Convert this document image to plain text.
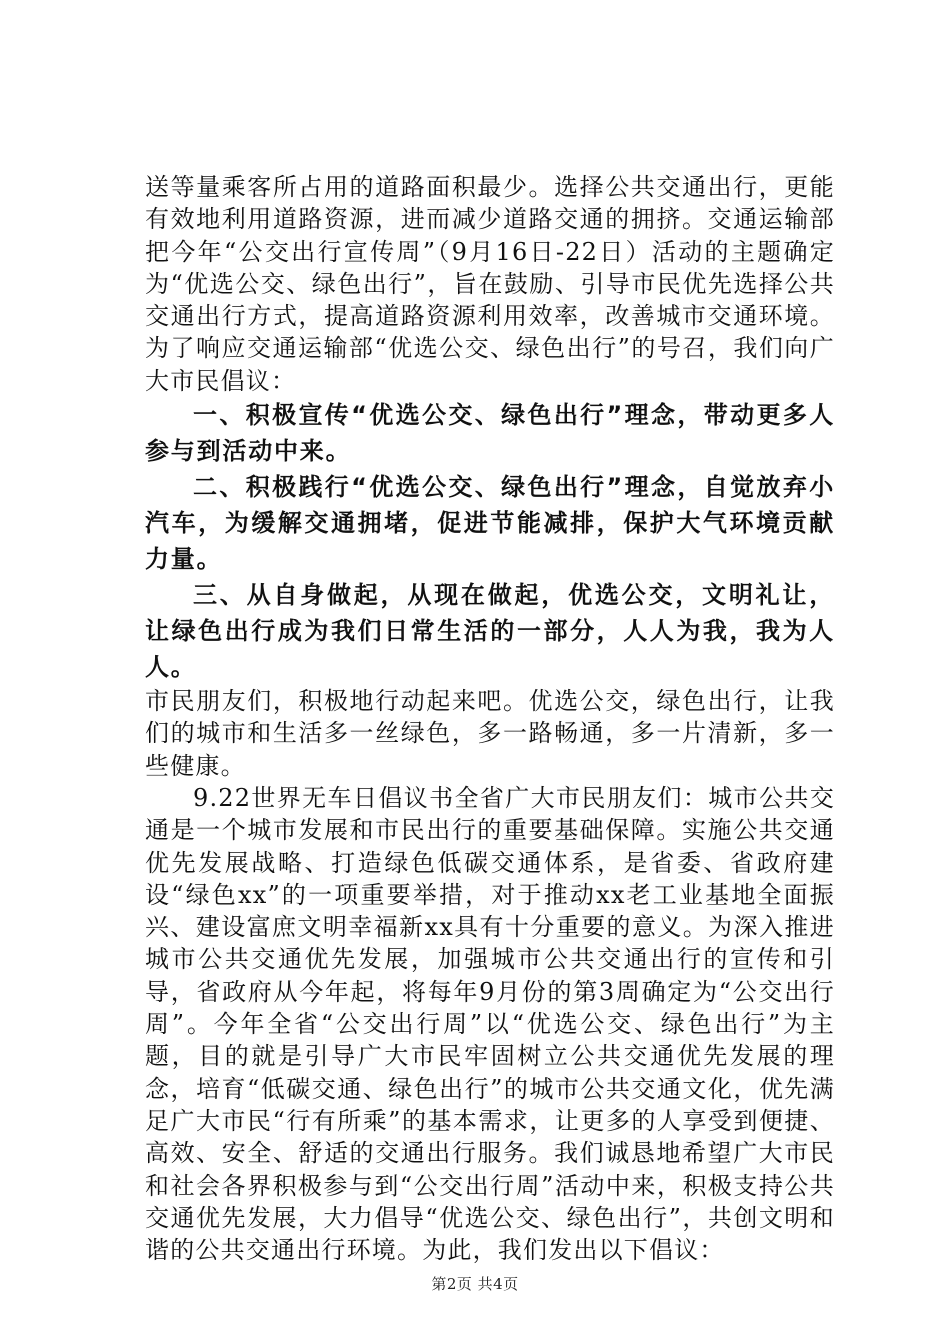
送等量乘客所占用的道路面积最少。选择公共交通出行，更能有效地利用道路资源，进而减少道路交通的拥挤。交通运输部把今年“公交出行宣传周”（9月16日-22日）活动的主题确定为“优选公交、绿色出行”，旨在鼓励、引导市民优先选择公共交通出行方式，提高道路资源利用效率，改善城市交通环境。为了响应交通运输部“优选公交、绿色出行”的号召，我们向广大市民倡议：

一、积极宣传“优选公交、绿色出行”理念，带动更多人参与到活动中来。

二、积极践行“优选公交、绿色出行”理念，自觉放弃小汽车，为缓解交通拥堵，促进节能减排，保护大气环境贡献力量。

三、从自身做起，从现在做起，优选公交，文明礼让，让绿色出行成为我们日常生活的一部分，人人为我，我为人人。

市民朋友们，积极地行动起来吧。优选公交，绿色出行，让我们的城市和生活多一丝绿色，多一路畅通，多一片清新，多一些健康。

9.22世界无车日倡议书全省广大市民朋友们：城市公共交通是一个城市发展和市民出行的重要基础保障。实施公共交通优先发展战略、打造绿色低碳交通体系，是省委、省政府建设“绿色xx”的一项重要举措，对于推动xx老工业基地全面振兴、建设富庶文明幸福新xx具有十分重要的意义。为深入推进城市公共交通优先发展，加强城市公共交通出行的宣传和引导，省政府从今年起，将每年9月份的第3周确定为“公交出行周”。今年全省“公交出行周”以“优选公交、绿色出行”为主题，目的就是引导广大市民牢固树立公共交通优先发展的理念，培育“低碳交通、绿色出行”的城市公共交通文化，优先满足广大市民“行有所乘”的基本需求，让更多的人享受到便捷、高效、安全、舒适的交通出行服务。我们诚恳地希望广大市民和社会各界积极参与到“公交出行周”活动中来，积极支持公共交通优先发展，大力倡导“优选公交、绿色出行”，共创文明和谐的公共交通出行环境。为此，我们发出以下倡议：

第2页 共4页
